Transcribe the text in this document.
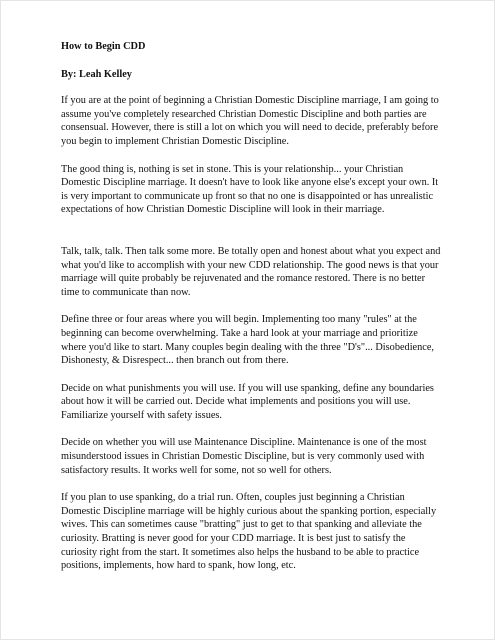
How to Begin CDD
By: Leah Kelley

If you are at the point of beginning a Christian Domestic Discipline marriage, I am going to assume you've completely researched Christian Domestic Discipline and both parties are consensual. However, there is still a lot on which you will need to decide, preferably before you begin to implement Christian Domestic Discipline.

The good thing is, nothing is set in stone. This is your relationship... your Christian Domestic Discipline marriage. It doesn't have to look like anyone else's except your own. It is very important to communicate up front so that no one is disappointed or has unrealistic expectations of how Christian Domestic Discipline will look in their marriage.

Talk, talk, talk. Then talk some more. Be totally open and honest about what you expect and what you'd like to accomplish with your new CDD relationship. The good news is that your marriage will quite probably be rejuvenated and the romance restored. There is no better time to communicate than now.

Define three or four areas where you will begin. Implementing too many "rules" at the beginning can become overwhelming. Take a hard look at your marriage and prioritize where you'd like to start. Many couples begin dealing with the three "D's"... Disobedience, Dishonesty, & Disrespect... then branch out from there.

Decide on what punishments you will use. If you will use spanking, define any boundaries about how it will be carried out. Decide what implements and positions you will use. Familiarize yourself with safety issues.

Decide on whether you will use Maintenance Discipline. Maintenance is one of the most misunderstood issues in Christian Domestic Discipline, but is very commonly used with satisfactory results. It works well for some, not so well for others.

If you plan to use spanking, do a trial run. Often, couples just beginning a Christian Domestic Discipline marriage will be highly curious about the spanking portion, especially wives. This can sometimes cause "bratting" just to get to that spanking and alleviate the curiosity. Bratting is never good for your CDD marriage. It is best just to satisfy the curiosity right from the start. It sometimes also helps the husband to be able to practice positions, implements, how hard to spank, how long, etc.
